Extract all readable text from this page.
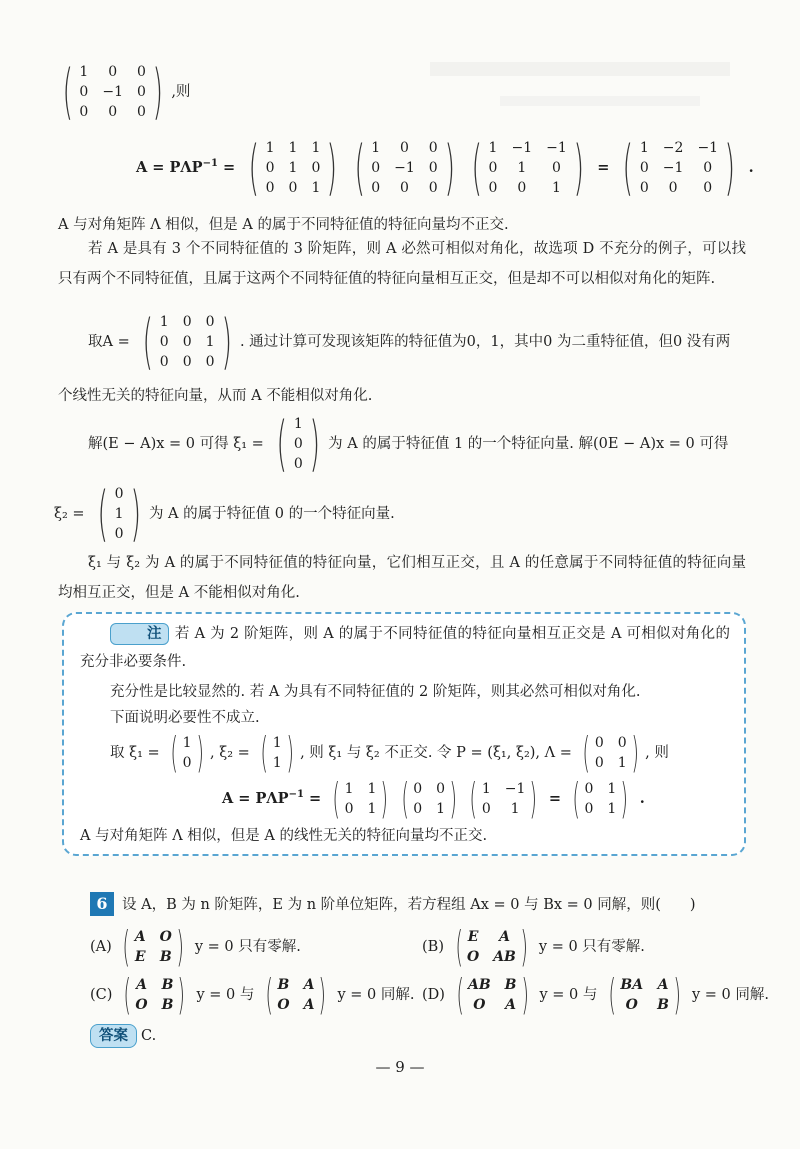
( 1	0	0
0 −1 0
0	0	0 ) ,则
$A = P\Lambda P^{-1}$ = ( 1 1 1
0 1 0
0 0 1 ) ( 1	0	0
0 −1 0
0	0	0 ) ( 1 −1 −1
0	1	0
0	0	1 ) = ( 1 −2 −1
0 −1	0
0	0	0 ) .
A 与对角矩阵 Λ 相似，但是 A 的属于不同特征值的特征向量均不正交.
若 A 是具有 3 个不同特征值的 3 阶矩阵，则 A 必然可相似对角化，故选项 D 不充分的例子，可以找只有两个不同特征值，且属于这两个不同特征值的特征向量相互正交，但是却不可以相似对角化的矩阵.
取A = ( 1 0 0
0 0 1
0 0 0 ) . 通过计算可发现该矩阵的特征值为0，1，其中0 为二重特征值，但0 没有两
个线性无关的特征向量，从而 A 不能相似对角化.
解(E − A)x = 0 可得 ξ₁ = ( 1
0
0 ) 为 A 的属于特征值 1 的一个特征向量. 解(0E − A)x = 0 可得
ξ₂ = ( 0
1
0 ) 为 A 的属于特征值 0 的一个特征向量.
ξ₁ 与 ξ₂ 为 A 的属于不同特征值的特征向量，它们相互正交，且 A 的任意属于不同特征值的特征向量均相互正交，但是 A 不能相似对角化.
注 若 A 为 2 阶矩阵，则 A 的属于不同特征值的特征向量相互正交是 A 可相似对角化的充分非必要条件.
充分性是比较显然的. 若 A 为具有不同特征值的 2 阶矩阵，则其必然可相似对角化.
下面说明必要性不成立.
取 ξ₁ = ( 1
0 ) , ξ₂ = ( 1
1 ) , 则 ξ₁ 与 ξ₂ 不正交. 令 P = (ξ₁, ξ₂), Λ = ( 0 0
0 1 ) , 则
$A = P\Lambda P^{-1}$ = ( 1 1
0 1 ) ( 0 0
0 1 ) ( 1 −1
0	1 ) = ( 0 1
0 1 ) .
A 与对角矩阵 Λ 相似，但是 A 的线性无关的特征向量均不正交.
6 设 A，B 为 n 阶矩阵，E 为 n 阶单位矩阵，若方程组 Ax = 0 与 Bx = 0 同解，则(　　)
(A) ( A O
E B ) y = 0 只有零解.	(B) ( E	A
O AB ) y = 0 只有零解.
(C) ( A B
O B ) y = 0 与 ( B A
O A ) y = 0 同解. (D) ( AB B
O	A ) y = 0 与 ( BA A
O	B ) y = 0 同解.
答案 C.
— 9 —
